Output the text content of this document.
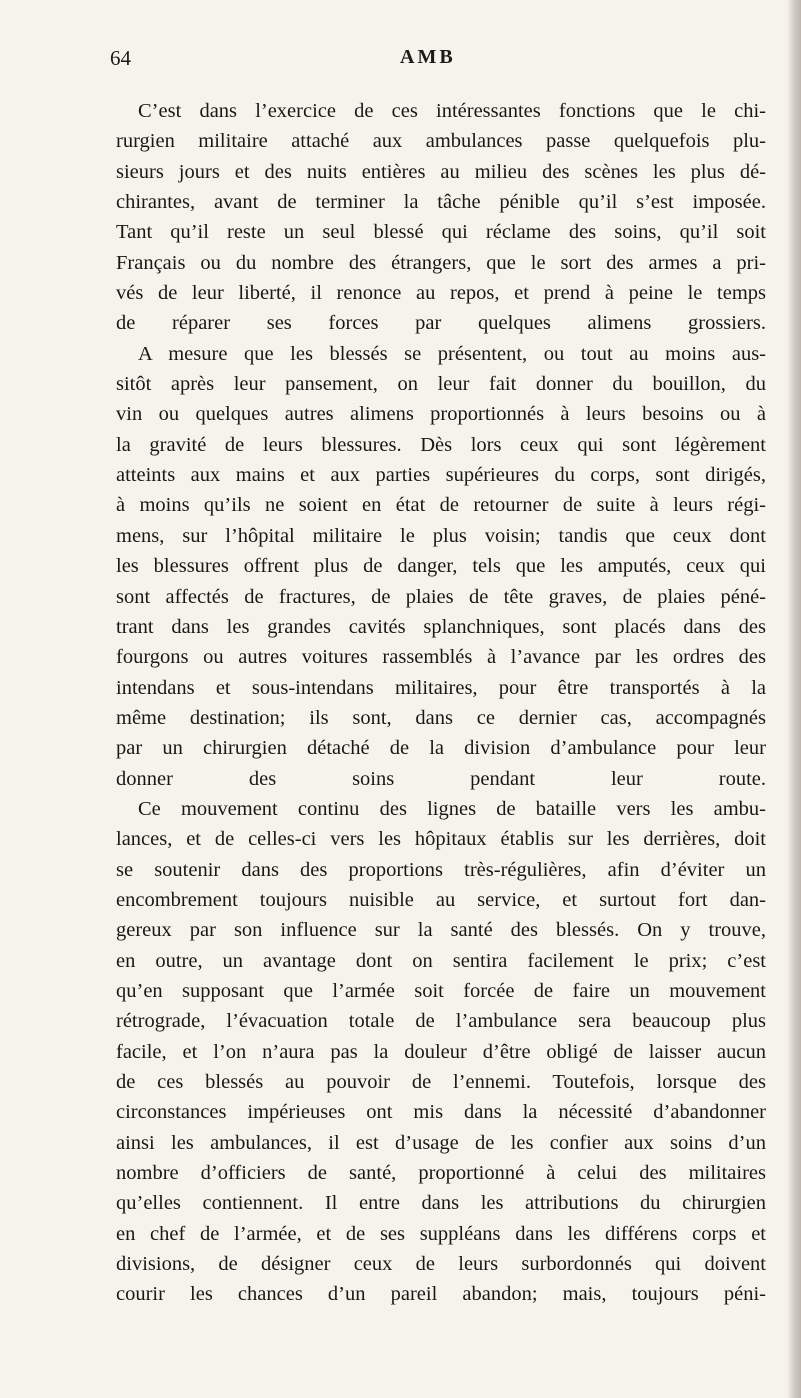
64	AMB

C’est dans l’exercice de ces intéressantes fonctions que le chi-
rurgien militaire attaché aux ambulances passe quelquefois plu-
sieurs jours et des nuits entières au milieu des scènes les plus dé-
chirantes, avant de terminer la tâche pénible qu’il s’est imposée.
Tant qu’il reste un seul blessé qui réclame des soins, qu’il soit
Français ou du nombre des étrangers, que le sort des armes a pri-
vés de leur liberté, il renonce au repos, et prend à peine le temps
de réparer ses forces par quelques alimens grossiers.

A mesure que les blessés se présentent, ou tout au moins aus-
sitôt après leur pansement, on leur fait donner du bouillon, du
vin ou quelques autres alimens proportionnés à leurs besoins ou à
la gravité de leurs blessures. Dès lors ceux qui sont légèrement
atteints aux mains et aux parties supérieures du corps, sont dirigés,
à moins qu’ils ne soient en état de retourner de suite à leurs régi-
mens, sur l’hôpital militaire le plus voisin; tandis que ceux dont
les blessures offrent plus de danger, tels que les amputés, ceux qui
sont affectés de fractures, de plaies de tête graves, de plaies péné-
trant dans les grandes cavités splanchniques, sont placés dans des
fourgons ou autres voitures rassemblés à l’avance par les ordres des
intendans et sous-intendans militaires, pour être transportés à la
même destination; ils sont, dans ce dernier cas, accompagnés
par un chirurgien détaché de la division d’ambulance pour leur
donner des soins pendant leur route.

Ce mouvement continu des lignes de bataille vers les ambu-
lances, et de celles-ci vers les hôpitaux établis sur les derrières, doit
se soutenir dans des proportions très-régulières, afin d’éviter un
encombrement toujours nuisible au service, et surtout fort dan-
gereux par son influence sur la santé des blessés. On y trouve,
en outre, un avantage dont on sentira facilement le prix; c’est
qu’en supposant que l’armée soit forcée de faire un mouvement
rétrograde, l’évacuation totale de l’ambulance sera beaucoup plus
facile, et l’on n’aura pas la douleur d’être obligé de laisser aucun
de ces blessés au pouvoir de l’ennemi. Toutefois, lorsque des
circonstances impérieuses ont mis dans la nécessité d’abandonner
ainsi les ambulances, il est d’usage de les confier aux soins d’un
nombre d’officiers de santé, proportionné à celui des militaires
qu’elles contiennent. Il entre dans les attributions du chirurgien
en chef de l’armée, et de ses suppléans dans les différens corps et
divisions, de désigner ceux de leurs surbordonnés qui doivent
courir les chances d’un pareil abandon; mais, toujours péni-
